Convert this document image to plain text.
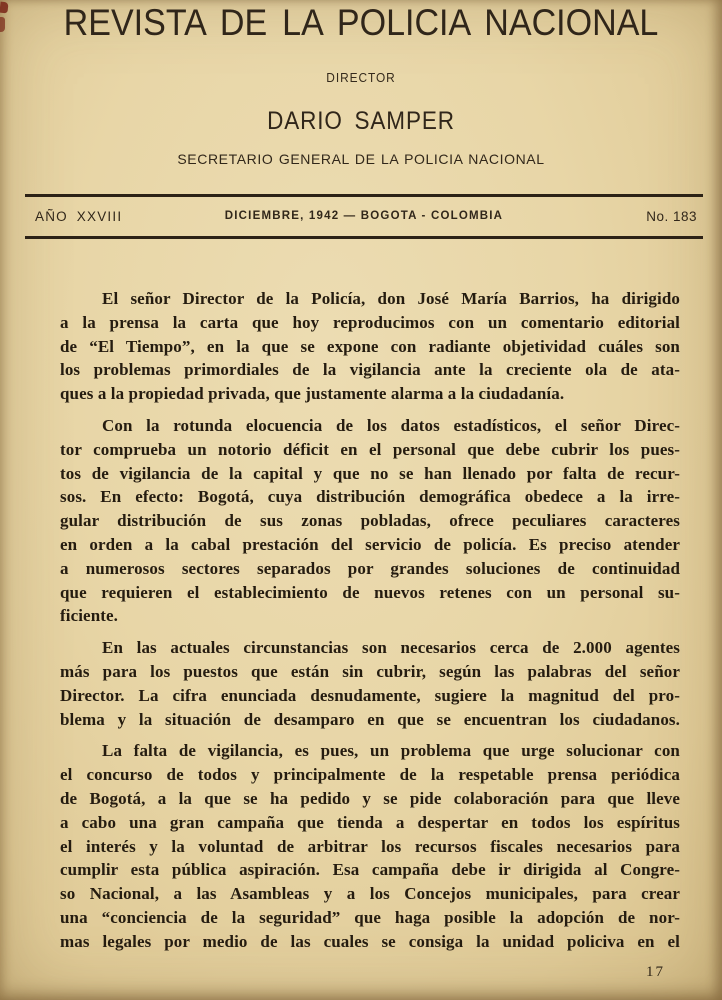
REVISTA DE LA POLICIA NACIONAL
DIRECTOR
DARIO SAMPER
SECRETARIO GENERAL DE LA POLICIA NACIONAL
AÑO XXVIII	DICIEMBRE, 1942 — BOGOTA - COLOMBIA	No. 183
El señor Director de la Policía, don José María Barrios, ha dirigido
a la prensa la carta que hoy reproducimos con un comentario editorial
de “El Tiempo”, en la que se expone con radiante objetividad cuáles son
los problemas primordiales de la vigilancia ante la creciente ola de ata-
ques a la propiedad privada, que justamente alarma a la ciudadanía.
Con la rotunda elocuencia de los datos estadísticos, el señor Direc-
tor comprueba un notorio déficit en el personal que debe cubrir los pues-
tos de vigilancia de la capital y que no se han llenado por falta de recur-
sos. En efecto: Bogotá, cuya distribución demográfica obedece a la irre-
gular distribución de sus zonas pobladas, ofrece peculiares caracteres
en orden a la cabal prestación del servicio de policía. Es preciso atender
a numerosos sectores separados por grandes soluciones de continuidad
que requieren el establecimiento de nuevos retenes con un personal su-
ficiente.
En las actuales circunstancias son necesarios cerca de 2.000 agentes
más para los puestos que están sin cubrir, según las palabras del señor
Director. La cifra enunciada desnudamente, sugiere la magnitud del pro-
blema y la situación de desamparo en que se encuentran los ciudadanos.
La falta de vigilancia, es pues, un problema que urge solucionar con
el concurso de todos y principalmente de la respetable prensa periódica
de Bogotá, a la que se ha pedido y se pide colaboración para que lleve
a cabo una gran campaña que tienda a despertar en todos los espíritus
el interés y la voluntad de arbitrar los recursos fiscales necesarios para
cumplir esta pública aspiración. Esa campaña debe ir dirigida al Congre-
so Nacional, a las Asambleas y a los Concejos municipales, para crear
una “conciencia de la seguridad” que haga posible la adopción de nor-
mas legales por medio de las cuales se consiga la unidad policiva en el
17
